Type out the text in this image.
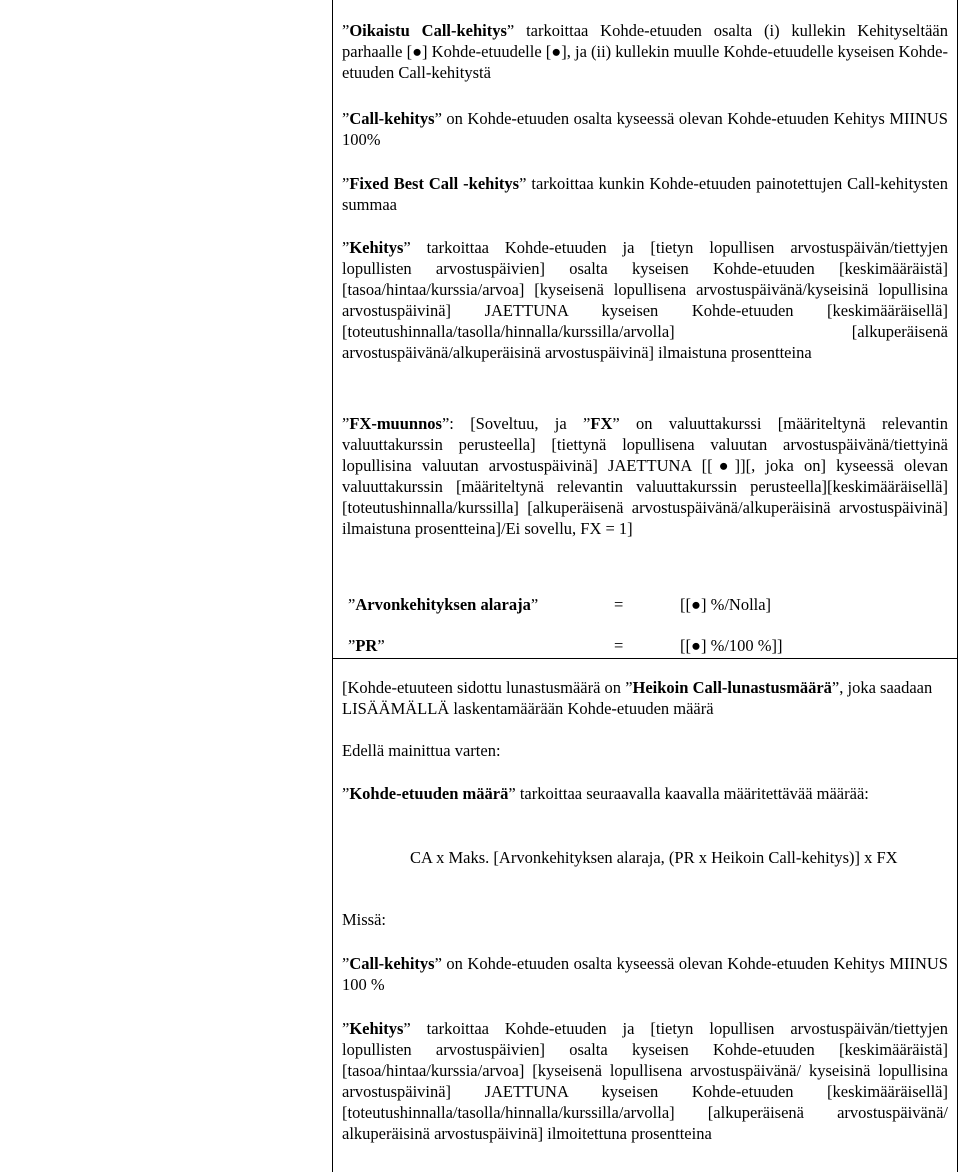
”Oikaistu Call-kehitys” tarkoittaa Kohde-etuuden osalta (i) kullekin Kehityseltään parhaalle [●] Kohde-etuudelle [●], ja (ii) kullekin muulle Kohde-etuudelle kyseisen Kohde-etuuden Call-kehitystä

”Call-kehitys” on Kohde-etuuden osalta kyseessä olevan Kohde-etuuden Kehitys MIINUS 100%

”Fixed Best Call -kehitys” tarkoittaa kunkin Kohde-etuuden painotettujen Call-kehitysten summaa

”Kehitys” tarkoittaa Kohde-etuuden ja [tietyn lopullisen arvostuspäivän/tiettyjen lopullisten arvostuspäivien] osalta kyseisen Kohde-etuuden [keskimääräistä] [tasoa/hintaa/kurssia/arvoa] [kyseisenä lopullisena arvostuspäivänä/kyseisinä lopullisina arvostuspäivinä] JAETTUNA kyseisen Kohde-etuuden [keskimääräisellä] [toteutushinnalla/tasolla/hinnalla/kurssilla/arvolla] [alkuperäisenä arvostuspäivänä/alkuperäisinä arvostuspäivinä] ilmaistuna prosentteina

”FX-muunnos”: [Soveltuu, ja ”FX” on valuuttakurssi [määriteltynä relevantin valuuttakurssin perusteella] [tiettynä lopullisena valuutan arvostuspäivänä/tiettyinä lopullisina valuutan arvostuspäivinä] JAETTUNA [[●]][, joka on] kyseessä olevan valuuttakurssin [määriteltynä relevantin valuuttakurssin perusteella][keskimääräisellä] [toteutushinnalla/kurssilla] [alkuperäisenä arvostuspäivänä/alkuperäisinä arvostuspäivinä] ilmaistuna prosentteina]/Ei sovellu, FX = 1]

”Arvonkehityksen alaraja”	=	[[●] %/Nolla]
”PR”	=	[[●] %/100 %]]

[Kohde-etuuteen sidottu lunastusmäärä on ”Heikoin Call-lunastusmäärä”, joka saadaan LISÄÄMÄLLÄ laskentamäärään Kohde-etuuden määrä

Edellä mainittua varten:

”Kohde-etuuden määrä” tarkoittaa seuraavalla kaavalla määritettävää määrää:

CA x Maks. [Arvonkehityksen alaraja, (PR x Heikoin Call-kehitys)] x FX

Missä:

”Call-kehitys” on Kohde-etuuden osalta kyseessä olevan Kohde-etuuden Kehitys MIINUS 100 %

”Kehitys” tarkoittaa Kohde-etuuden ja [tietyn lopullisen arvostuspäivän/tiettyjen lopullisten arvostuspäivien] osalta kyseisen Kohde-etuuden [keskimääräistä] [tasoa/hintaa/kurssia/arvoa] [kyseisenä lopullisena arvostuspäivänä/ kyseisinä lopullisina arvostuspäivinä] JAETTUNA kyseisen Kohde-etuuden [keskimääräisellä] [toteutushinnalla/tasolla/hinnalla/kurssilla/arvolla] [alkuperäisenä arvostuspäivänä/ alkuperäisinä arvostuspäivinä] ilmoitettuna prosentteina
